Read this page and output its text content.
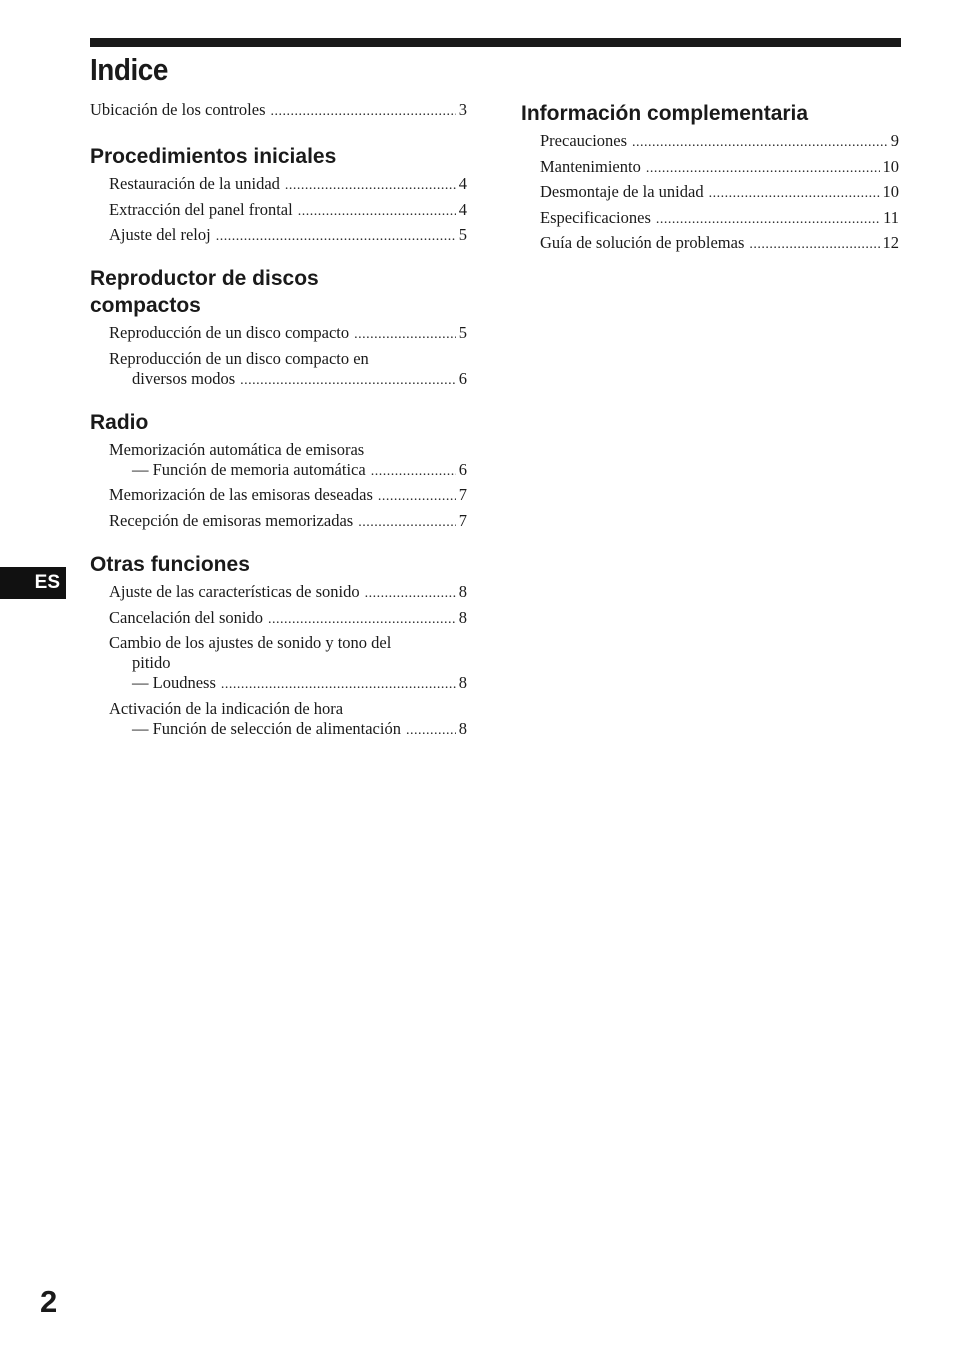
Indice
Ubicación de los controles .....	3
Procedimientos iniciales
Restauración de la unidad .....	4
Extracción del panel frontal .....	4
Ajuste del reloj .....	5
Reproductor de discos compactos
Reproducción de un disco compacto .....	5
Reproducción de un disco compacto en
diversos modos .....	6
Radio
Memorización automática de emisoras
— Función de memoria automática .....	6
Memorización de las emisoras deseadas .....	7
Recepción de emisoras memorizadas .....	7
Otras funciones
Ajuste de las características de sonido .....	8
Cancelación del sonido .....	8
Cambio de los ajustes de sonido y tono del
pitido
— Loudness .....	8
Activación de la indicación de hora
— Función de selección de alimentación .....	8
Información complementaria
Precauciones .....	9
Mantenimiento .....	10
Desmontaje de la unidad .....	10
Especificaciones .....	11
Guía de solución de problemas .....	12
ES
2
